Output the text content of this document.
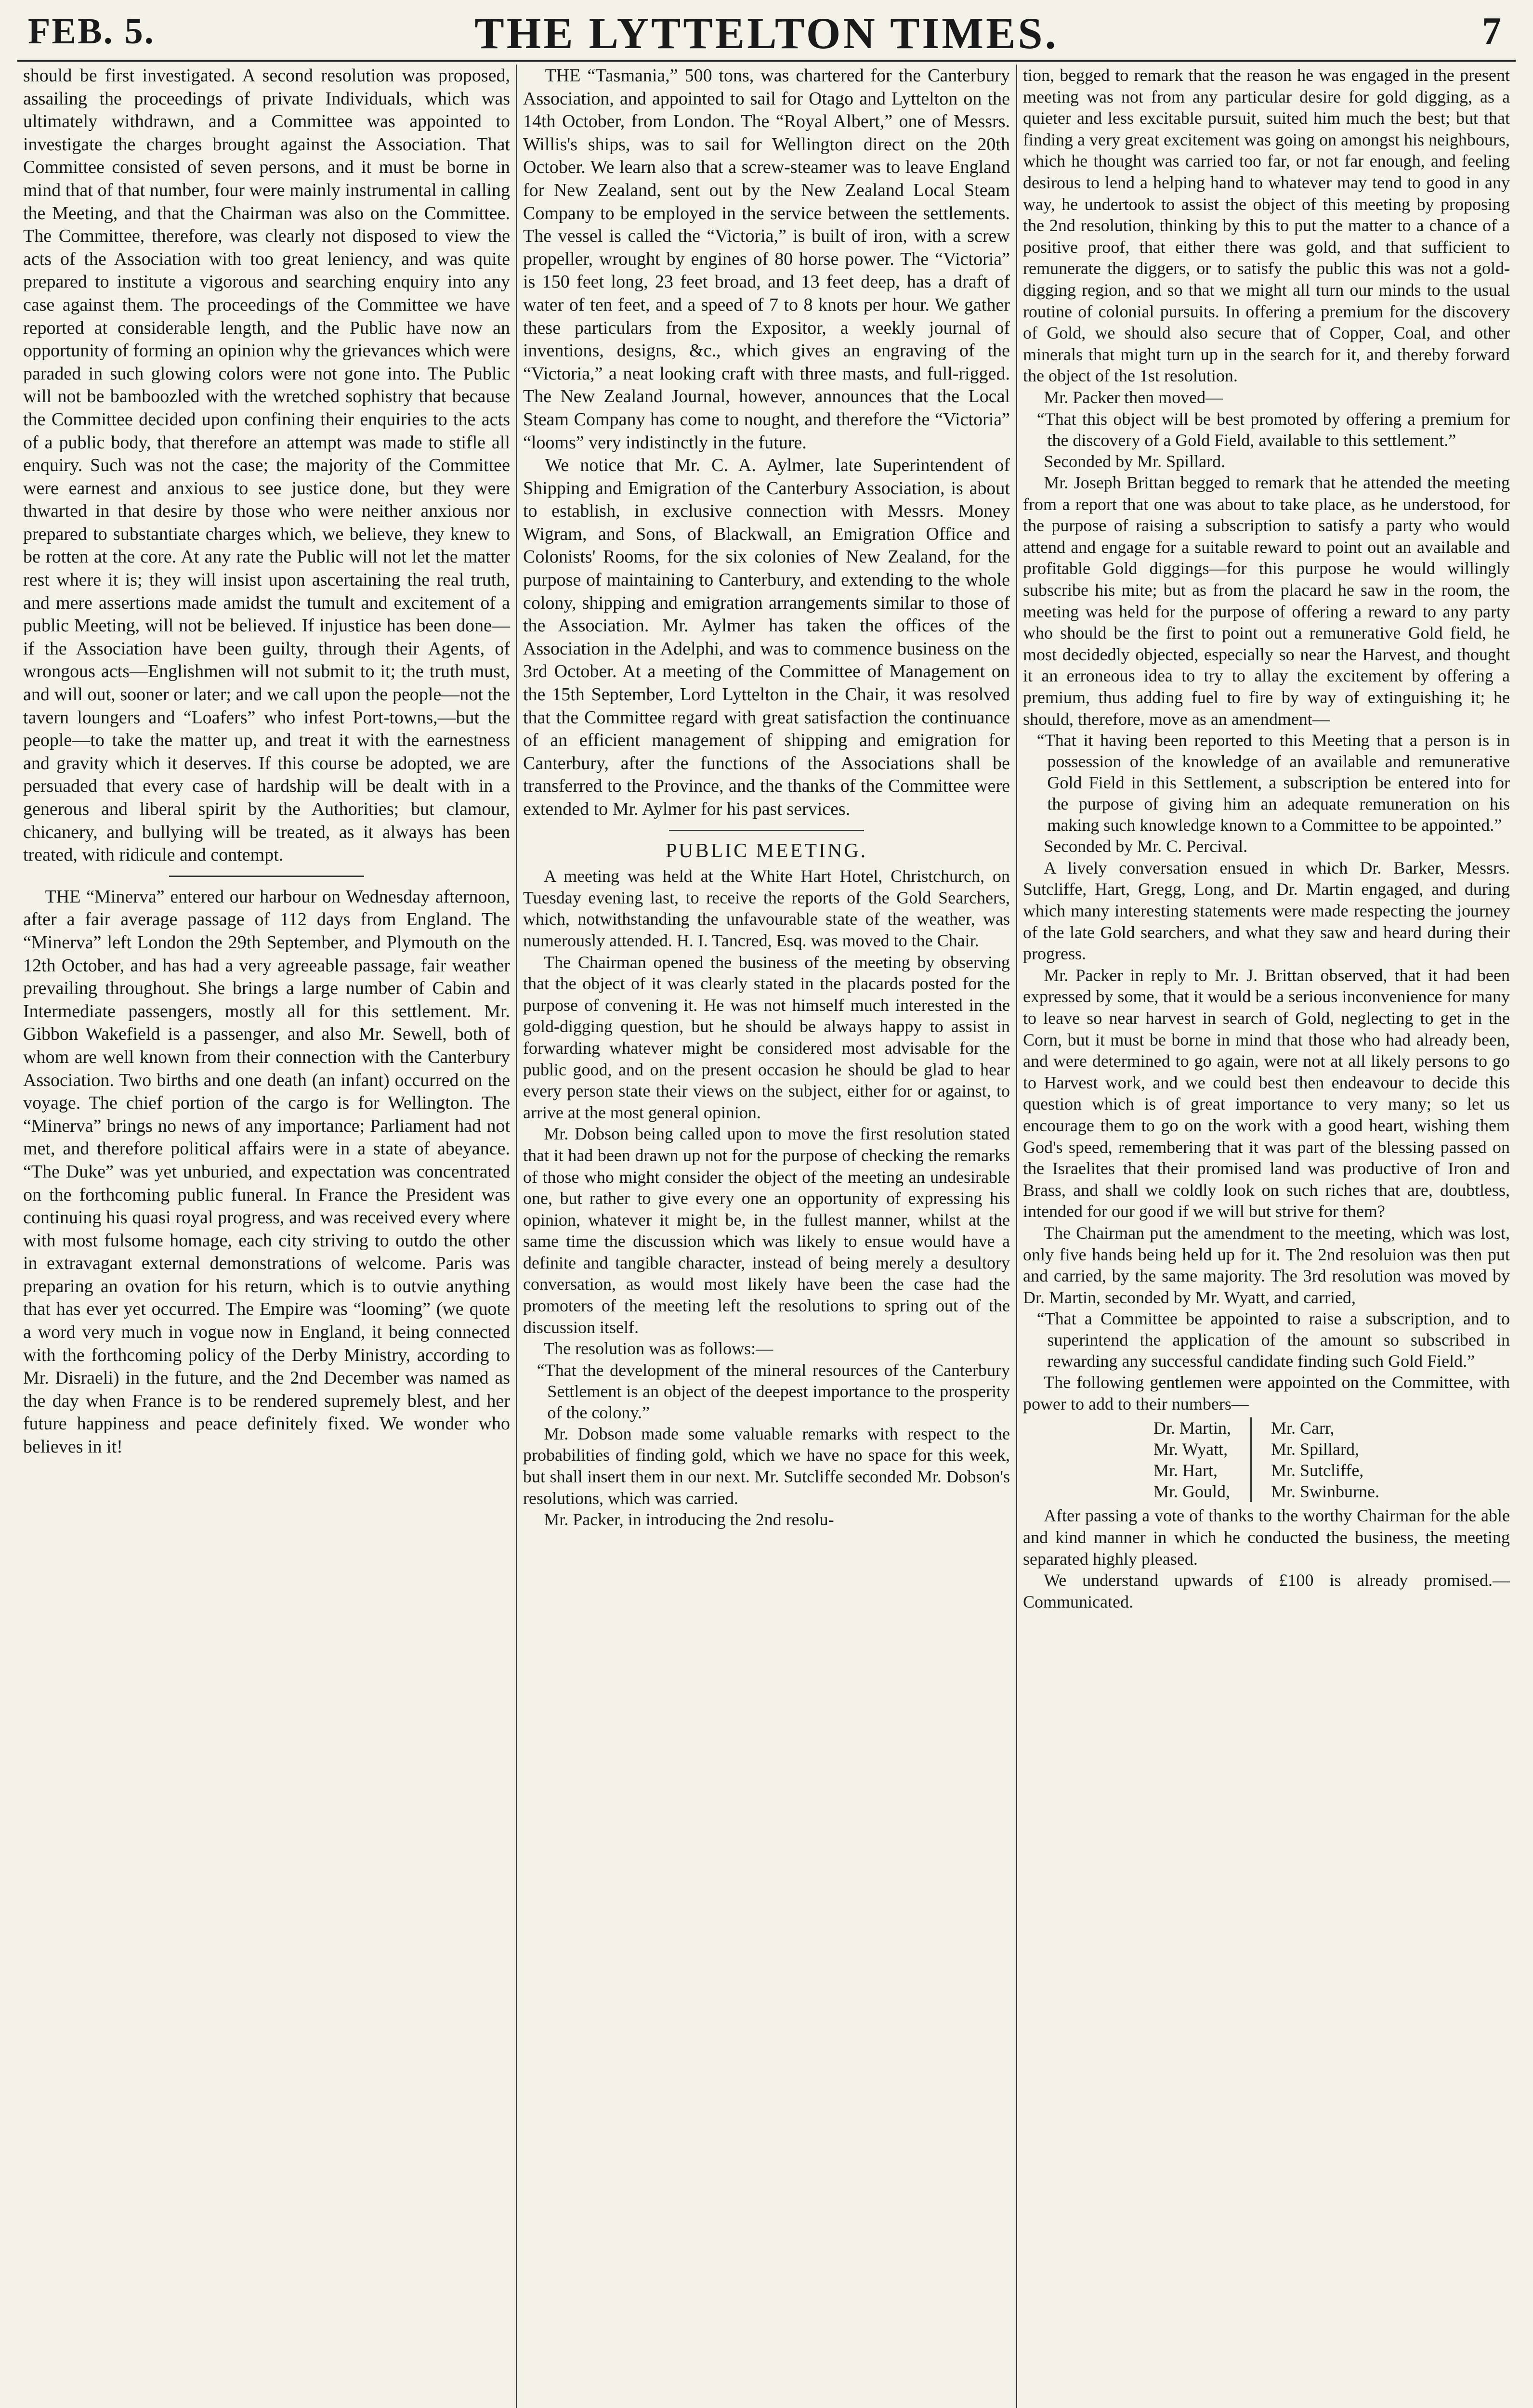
FEB. 5.	THE LYTTELTON TIMES.	7

should be first investigated. A second resolution was proposed, assailing the proceedings of private Individuals, which was ultimately withdrawn, and a Committee was appointed to investigate the charges brought against the Association. That Committee consisted of seven persons, and it must be borne in mind that of that number, four were mainly instrumental in calling the Meeting, and that the Chairman was also on the Committee. The Committee, therefore, was clearly not disposed to view the acts of the Association with too great leniency, and was quite prepared to institute a vigorous and searching enquiry into any case against them. The proceedings of the Committee we have reported at considerable length, and the Public have now an opportunity of forming an opinion why the grievances which were paraded in such glowing colors were not gone into. The Public will not be bamboozled with the wretched sophistry that because the Committee decided upon confining their enquiries to the acts of a public body, that therefore an attempt was made to stifle all enquiry. Such was not the case; the majority of the Committee were earnest and anxious to see justice done, but they were thwarted in that desire by those who were neither anxious nor prepared to substantiate charges which, we believe, they knew to be rotten at the core. At any rate the Public will not let the matter rest where it is; they will insist upon ascertaining the real truth, and mere assertions made amidst the tumult and excitement of a public Meeting, will not be believed. If injustice has been done—if the Association have been guilty, through their Agents, of wrongous acts—Englishmen will not submit to it; the truth must, and will out, sooner or later; and we call upon the people—not the tavern loungers and “Loafers” who infest Port-towns,—but the people—to take the matter up, and treat it with the earnestness and gravity which it deserves. If this course be adopted, we are persuaded that every case of hardship will be dealt with in a generous and liberal spirit by the Authorities; but clamour, chicanery, and bullying will be treated, as it always has been treated, with ridicule and contempt.

THE “Minerva” entered our harbour on Wednesday afternoon, after a fair average passage of 112 days from England. The “Minerva” left London the 29th September, and Plymouth on the 12th October, and has had a very agreeable passage, fair weather prevailing throughout. She brings a large number of Cabin and Intermediate passengers, mostly all for this settlement. Mr. Gibbon Wakefield is a passenger, and also Mr. Sewell, both of whom are well known from their connection with the Canterbury Association. Two births and one death (an infant) occurred on the voyage. The chief portion of the cargo is for Wellington. The “Minerva” brings no news of any importance; Parliament had not met, and therefore political affairs were in a state of abeyance. “The Duke” was yet unburied, and expectation was concentrated on the forthcoming public funeral. In France the President was continuing his quasi royal progress, and was received every where with most fulsome homage, each city striving to outdo the other in extravagant external demonstrations of welcome. Paris was preparing an ovation for his return, which is to outvie anything that has ever yet occurred. The Empire was “looming” (we quote a word very much in vogue now in England, it being connected with the forthcoming policy of the Derby Ministry, according to Mr. Disraeli) in the future, and the 2nd December was named as the day when France is to be rendered supremely blest, and her future happiness and peace definitely fixed. We wonder who believes in it!

THE “Tasmania,” 500 tons, was chartered for the Canterbury Association, and appointed to sail for Otago and Lyttelton on the 14th October, from London. The “Royal Albert,” one of Messrs. Willis's ships, was to sail for Wellington direct on the 20th October. We learn also that a screw-steamer was to leave England for New Zealand, sent out by the New Zealand Local Steam Company to be employed in the service between the settlements. The vessel is called the “Victoria,” is built of iron, with a screw propeller, wrought by engines of 80 horse power. The “Victoria” is 150 feet long, 23 feet broad, and 13 feet deep, has a draft of water of ten feet, and a speed of 7 to 8 knots per hour. We gather these particulars from the Expositor, a weekly journal of inventions, designs, &c., which gives an engraving of the “Victoria,” a neat looking craft with three masts, and full-rigged. The New Zealand Journal, however, announces that the Local Steam Company has come to nought, and therefore the “Victoria” “looms” very indistinctly in the future.

We notice that Mr. C. A. Aylmer, late Superintendent of Shipping and Emigration of the Canterbury Association, is about to establish, in exclusive connection with Messrs. Money Wigram, and Sons, of Blackwall, an Emigration Office and Colonists' Rooms, for the six colonies of New Zealand, for the purpose of maintaining to Canterbury, and extending to the whole colony, shipping and emigration arrangements similar to those of the Association. Mr. Aylmer has taken the offices of the Association in the Adelphi, and was to commence business on the 3rd October. At a meeting of the Committee of Management on the 15th September, Lord Lyttelton in the Chair, it was resolved that the Committee regard with great satisfaction the continuance of an efficient management of shipping and emigration for Canterbury, after the functions of the Associations shall be transferred to the Province, and the thanks of the Committee were extended to Mr. Aylmer for his past services.

PUBLIC MEETING.

A meeting was held at the White Hart Hotel, Christchurch, on Tuesday evening last, to receive the reports of the Gold Searchers, which, notwithstanding the unfavourable state of the weather, was numerously attended. H. I. Tancred, Esq. was moved to the Chair.

The Chairman opened the business of the meeting by observing that the object of it was clearly stated in the placards posted for the purpose of convening it. He was not himself much interested in the gold-digging question, but he should be always happy to assist in forwarding whatever might be considered most advisable for the public good, and on the present occasion he should be glad to hear every person state their views on the subject, either for or against, to arrive at the most general opinion.

Mr. Dobson being called upon to move the first resolution stated that it had been drawn up not for the purpose of checking the remarks of those who might consider the object of the meeting an undesirable one, but rather to give every one an opportunity of expressing his opinion, whatever it might be, in the fullest manner, whilst at the same time the discussion which was likely to ensue would have a definite and tangible character, instead of being merely a desultory conversation, as would most likely have been the case had the promoters of the meeting left the resolutions to spring out of the discussion itself.

The resolution was as follows:—

“That the development of the mineral resources of the Canterbury Settlement is an object of the deepest importance to the prosperity of the colony.”

Mr. Dobson made some valuable remarks with respect to the probabilities of finding gold, which we have no space for this week, but shall insert them in our next. Mr. Sutcliffe seconded Mr. Dobson's resolutions, which was carried.

Mr. Packer, in introducing the 2nd resolu-

tion, begged to remark that the reason he was engaged in the present meeting was not from any particular desire for gold digging, as a quieter and less excitable pursuit, suited him much the best; but that finding a very great excitement was going on amongst his neighbours, which he thought was carried too far, or not far enough, and feeling desirous to lend a helping hand to whatever may tend to good in any way, he undertook to assist the object of this meeting by proposing the 2nd resolution, thinking by this to put the matter to a chance of a positive proof, that either there was gold, and that sufficient to remunerate the diggers, or to satisfy the public this was not a gold-digging region, and so that we might all turn our minds to the usual routine of colonial pursuits. In offering a premium for the discovery of Gold, we should also secure that of Copper, Coal, and other minerals that might turn up in the search for it, and thereby forward the object of the 1st resolution.

Mr. Packer then moved—

“That this object will be best promoted by offering a premium for the discovery of a Gold Field, available to this settlement.”

Seconded by Mr. Spillard.

Mr. Joseph Brittan begged to remark that he attended the meeting from a report that one was about to take place, as he understood, for the purpose of raising a subscription to satisfy a party who would attend and engage for a suitable reward to point out an available and profitable Gold diggings—for this purpose he would willingly subscribe his mite; but as from the placard he saw in the room, the meeting was held for the purpose of offering a reward to any party who should be the first to point out a remunerative Gold field, he most decidedly objected, especially so near the Harvest, and thought it an erroneous idea to try to allay the excitement by offering a premium, thus adding fuel to fire by way of extinguishing it; he should, therefore, move as an amendment—

“That it having been reported to this Meeting that a person is in possession of the knowledge of an available and remunerative Gold Field in this Settlement, a subscription be entered into for the purpose of giving him an adequate remuneration on his making such knowledge known to a Committee to be appointed.”

Seconded by Mr. C. Percival.

A lively conversation ensued in which Dr. Barker, Messrs. Sutcliffe, Hart, Gregg, Long, and Dr. Martin engaged, and during which many interesting statements were made respecting the journey of the late Gold searchers, and what they saw and heard during their progress.

Mr. Packer in reply to Mr. J. Brittan observed, that it had been expressed by some, that it would be a serious inconvenience for many to leave so near harvest in search of Gold, neglecting to get in the Corn, but it must be borne in mind that those who had already been, and were determined to go again, were not at all likely persons to go to Harvest work, and we could best then endeavour to decide this question which is of great importance to very many; so let us encourage them to go on the work with a good heart, wishing them God's speed, remembering that it was part of the blessing passed on the Israelites that their promised land was productive of Iron and Brass, and shall we coldly look on such riches that are, doubtless, intended for our good if we will but strive for them?

The Chairman put the amendment to the meeting, which was lost, only five hands being held up for it. The 2nd resoluion was then put and carried, by the same majority. The 3rd resolution was moved by Dr. Martin, seconded by Mr. Wyatt, and carried,

“That a Committee be appointed to raise a subscription, and to superintend the application of the amount so subscribed in rewarding any successful candidate finding such Gold Field.”

The following gentlemen were appointed on the Committee, with power to add to their numbers—

Dr. Martin,
Mr. Wyatt,
Mr. Hart,
Mr. Gould,
Mr. Carr,
Mr. Spillard,
Mr. Sutcliffe,
Mr. Swinburne.

After passing a vote of thanks to the worthy Chairman for the able and kind manner in which he conducted the business, the meeting separated highly pleased.

We understand upwards of £100 is already promised.—Communicated.
